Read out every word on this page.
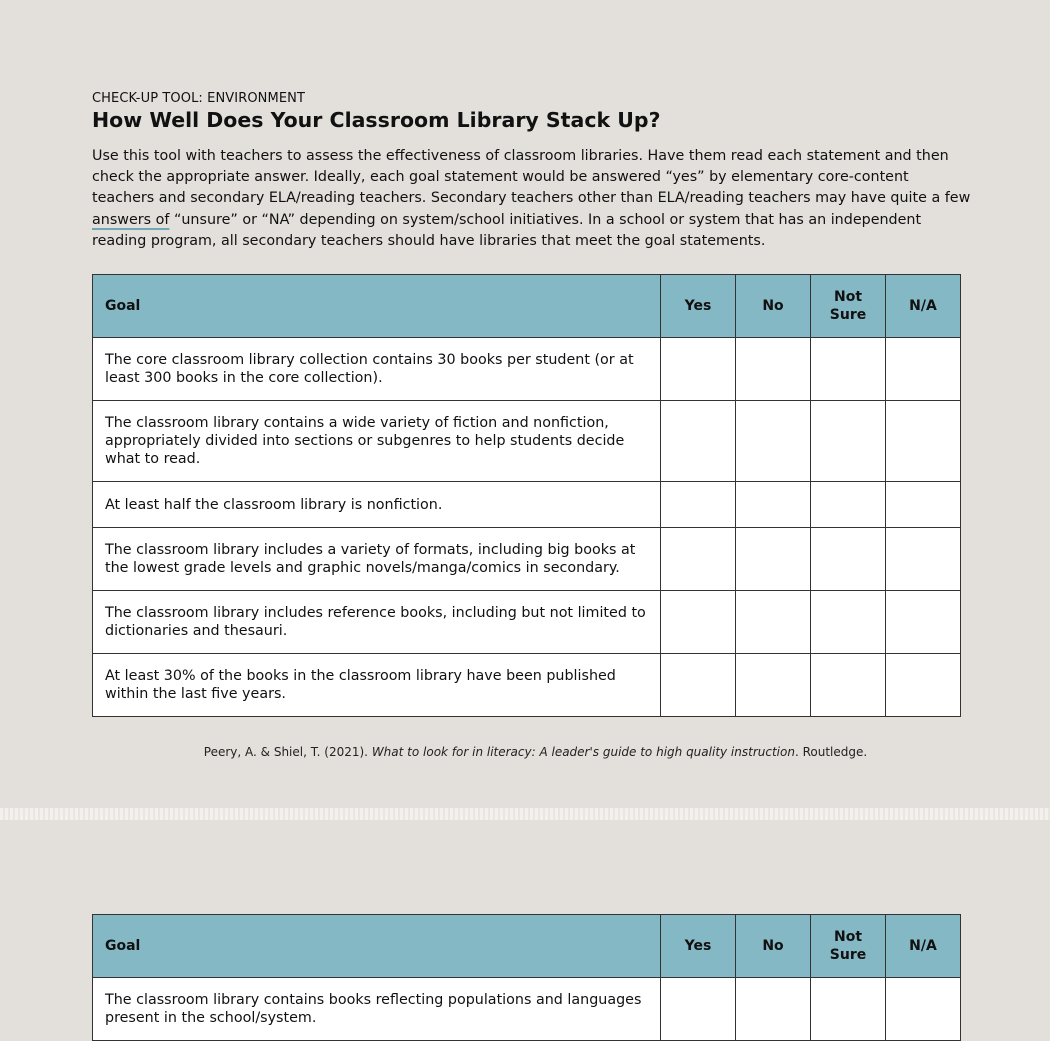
CHECK-UP TOOL: ENVIRONMENT
How Well Does Your Classroom Library Stack Up?

Use this tool with teachers to assess the effectiveness of classroom libraries. Have them read each statement and then check the appropriate answer. Ideally, each goal statement would be answered “yes” by elementary core-content teachers and secondary ELA/reading teachers. Secondary teachers other than ELA/reading teachers may have quite a few answers of “unsure” or “NA” depending on system/school initiatives. In a school or system that has an independent reading program, all secondary teachers should have libraries that meet the goal statements.

Goal	Yes	No	Not Sure	N/A
The core classroom library collection contains 30 books per student (or at least 300 books in the core collection).				
The classroom library contains a wide variety of fiction and nonfiction, appropriately divided into sections or subgenres to help students decide what to read.				
At least half the classroom library is nonfiction.				
The classroom library includes a variety of formats, including big books at the lowest grade levels and graphic novels/manga/comics in secondary.				
The classroom library includes reference books, including but not limited to dictionaries and thesauri.				
At least 30% of the books in the classroom library have been published within the last five years.				
Peery, A. & Shiel, T. (2021). What to look for in literacy: A leader's guide to high quality instruction. Routledge.
Goal	Yes	No	Not Sure	N/A
The classroom library contains books reflecting populations and languages present in the school/system.				
